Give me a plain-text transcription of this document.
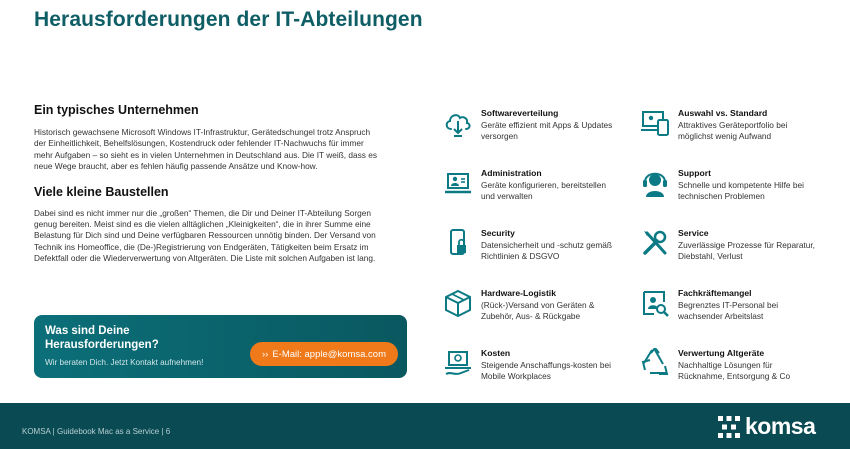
Herausforderungen der IT-Abteilungen
Ein typisches Unternehmen

Historisch gewachsene Microsoft Windows IT-Infrastruktur, Gerätedschungel trotz Anspruch der Einheitlichkeit, Behelfslösungen, Kostendruck oder fehlender IT-Nachwuchs für immer mehr Aufgaben – so sieht es in vielen Unternehmen in Deutschland aus. Die IT weiß, dass es neue Wege braucht, aber es fehlen häufig passende Ansätze und Know-how.

Viele kleine Baustellen

Dabei sind es nicht immer nur die „großen“ Themen, die Dir und Deiner IT-Abteilung Sorgen genug bereiten. Meist sind es die vielen alltäglichen „Kleinigkeiten“, die in ihrer Summe eine Belastung für Dich sind und Deine verfügbaren Ressourcen unnötig binden. Der Versand von Technik ins Homeoffice, die (De-)Registrierung von Endgeräten, Tätigkeiten beim Ersatz im Defektfall oder die Wiederverwertung von Altgeräten. Die Liste mit solchen Aufgaben ist lang.

Was sind Deine Herausforderungen?
Wir beraten Dich. Jetzt Kontakt aufnehmen!
›› E-Mail: apple@komsa.com
Softwareverteilung
Geräte effizient mit Apps & Updates versorgen
Administration
Geräte konfigurieren, bereitstellen und verwalten
Security
Datensicherheit und -schutz gemäß Richtlinien & DSGVO
Hardware-Logistik
(Rück-)Versand von Geräten & Zubehör, Aus- & Rückgabe
Kosten
Steigende Anschaffungs-kosten bei Mobile Workplaces
Auswahl vs. Standard
Attraktives Geräteportfolio bei möglichst wenig Aufwand
Support
Schnelle und kompetente Hilfe bei technischen Problemen
Service
Zuverlässige Prozesse für Reparatur, Diebstahl, Verlust
Fachkräftemangel
Begrenztes IT-Personal bei wachsender Arbeitslast
Verwertung Altgeräte
Nachhaltige Lösungen für Rücknahme, Entsorgung & Co
KOMSA | Guidebook Mac as a Service | 6	komsa
